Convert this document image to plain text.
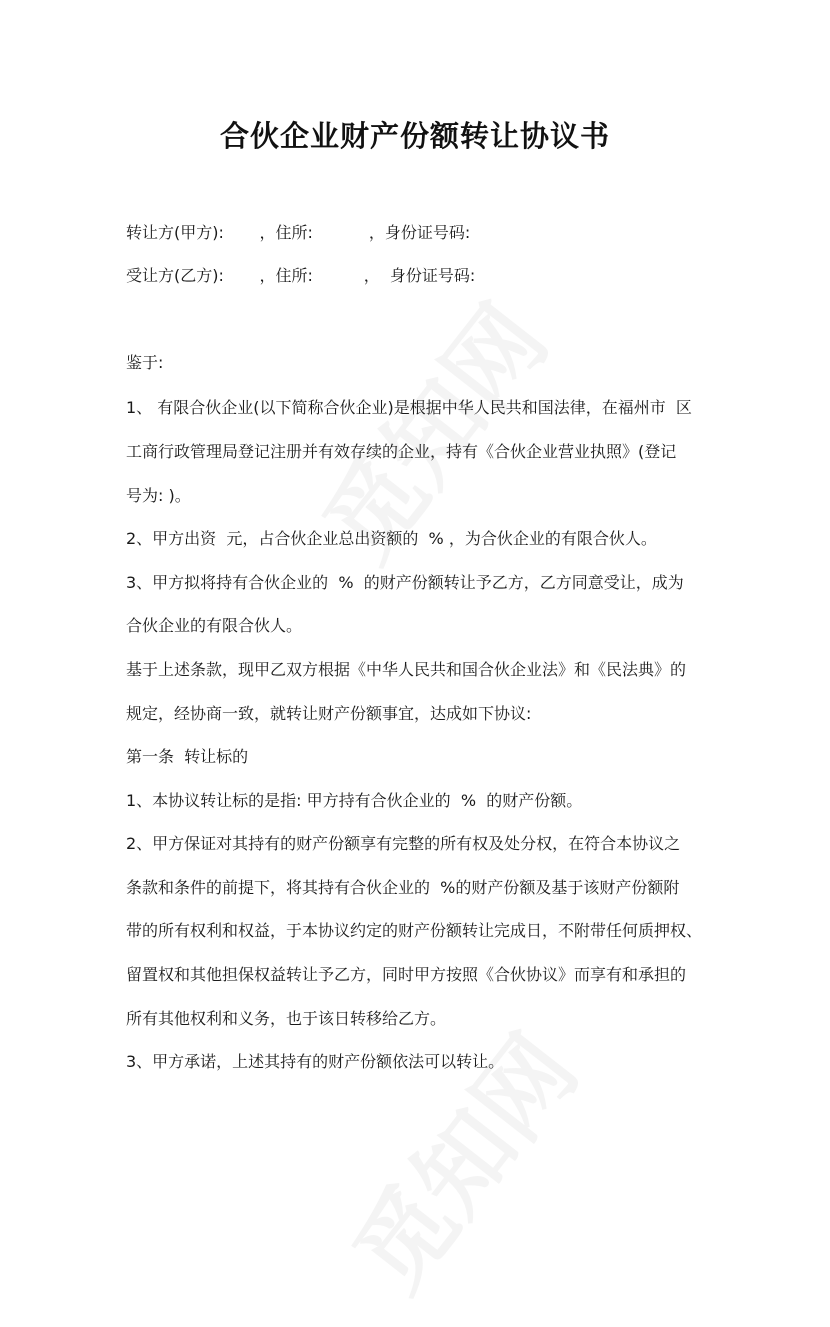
合伙企业财产份额转让协议书
转让方(甲方):       ，住所:           ，身份证号码:
受让方(乙方):       ，住所:          ，  身份证号码:
鉴于:
1、 有限合伙企业(以下简称合伙企业)是根据中华人民共和国法律，在福州市  区
工商行政管理局登记注册并有效存续的企业，持有《合伙企业营业执照》(登记
号为: )。
2、甲方出资  元，占合伙企业总出资额的  % ，为合伙企业的有限合伙人。
3、甲方拟将持有合伙企业的  %  的财产份额转让予乙方，乙方同意受让，成为
合伙企业的有限合伙人。
基于上述条款，现甲乙双方根据《中华人民共和国合伙企业法》和《民法典》的
规定，经协商一致，就转让财产份额事宜，达成如下协议:
第一条  转让标的
1、本协议转让标的是指: 甲方持有合伙企业的  %  的财产份额。
2、甲方保证对其持有的财产份额享有完整的所有权及处分权，在符合本协议之
条款和条件的前提下，将其持有合伙企业的  %的财产份额及基于该财产份额附
带的所有权利和权益，于本协议约定的财产份额转让完成日，不附带任何质押权、
留置权和其他担保权益转让予乙方，同时甲方按照《合伙协议》而享有和承担的
所有其他权利和义务，也于该日转移给乙方。
3、甲方承诺，上述其持有的财产份额依法可以转让。
